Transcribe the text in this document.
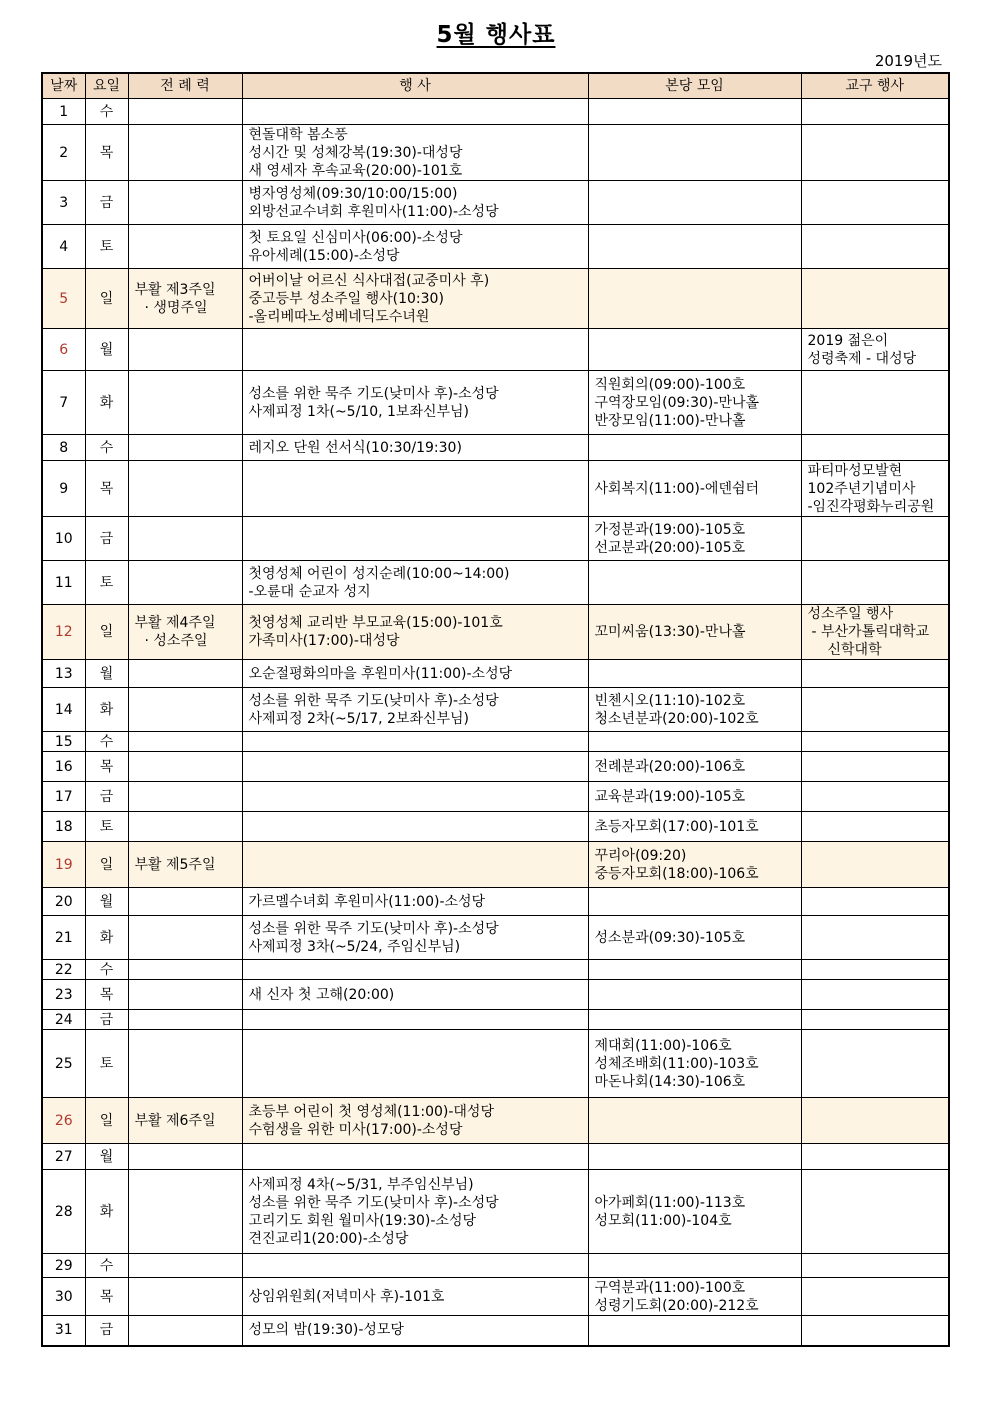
5월 행사표
2019년도
날짜	요일	전 례 력	행 사	본당 모임	교구 행사
1	수				
2	목		현돌대학 봄소풍
성시간 및 성체강복(19:30)-대성당
새 영세자 후속교육(20:00)-101호		

3	금		병자영성체(09:30/10:00/15:00)
외방선교수녀회 후원미사(11:00)-소성당		

4	토		첫 토요일 신심미사(06:00)-소성당
유아세례(15:00)-소성당		

5	일	부활 제3주일
· 생명주일	어버이날 어르신 식사대접(교중미사 후)
중고등부 성소주일 행사(10:30)
-올리베따노성베네딕도수녀원		

6	월				2019 젊은이
성령축제 - 대성당

7	화		성소를 위한 묵주 기도(낮미사 후)-소성당
사제피정 1차(~5/10, 1보좌신부님)	직원회의(09:00)-100호
구역장모임(09:30)-만나홀
반장모임(11:00)-만나홀	

8	수		레지오 단원 선서식(10:30/19:30)		

9	목			사회복지(11:00)-에덴쉼터	파티마성모발현
102주년기념미사
-임진각평화누리공원

10	금			가정분과(19:00)-105호
선교분과(20:00)-105호	

11	토		첫영성체 어린이 성지순례(10:00~14:00)
-오륜대 순교자 성지		

12	일	부활 제4주일
· 성소주일	첫영성체 교리반 부모교육(15:00)-101호
가족미사(17:00)-대성당	꼬미씨움(13:30)-만나홀	성소주일 행사
- 부산가톨릭대학교
신학대학

13	월		오순절평화의마을 후원미사(11:00)-소성당		

14	화		성소를 위한 묵주 기도(낮미사 후)-소성당
사제피정 2차(~5/17, 2보좌신부님)	빈첸시오(11:10)-102호
청소년분과(20:00)-102호	

15	수				
16	목			전례분과(20:00)-106호	

17	금			교육분과(19:00)-105호	

18	토			초등자모회(17:00)-101호	

19	일	부활 제5주일		꾸리아(09:20)
중등자모회(18:00)-106호	

20	월		가르멜수녀회 후원미사(11:00)-소성당		

21	화		성소를 위한 묵주 기도(낮미사 후)-소성당
사제피정 3차(~5/24, 주임신부님)	성소분과(09:30)-105호	

22	수				
23	목		새 신자 첫 고해(20:00)		

24	금				
25	토			제대회(11:00)-106호
성체조배회(11:00)-103호
마돈나회(14:30)-106호	

26	일	부활 제6주일	초등부 어린이 첫 영성체(11:00)-대성당
수험생을 위한 미사(17:00)-소성당		

27	월				
28	화		사제피정 4차(~5/31, 부주임신부님)
성소를 위한 묵주 기도(낮미사 후)-소성당
고리기도 회원 월미사(19:30)-소성당
견진교리1(20:00)-소성당	아가페회(11:00)-113호
성모회(11:00)-104호	

29	수				
30	목		상임위원회(저녁미사 후)-101호	구역분과(11:00)-100호
성령기도회(20:00)-212호	

31	금		성모의 밤(19:30)-성모당		
